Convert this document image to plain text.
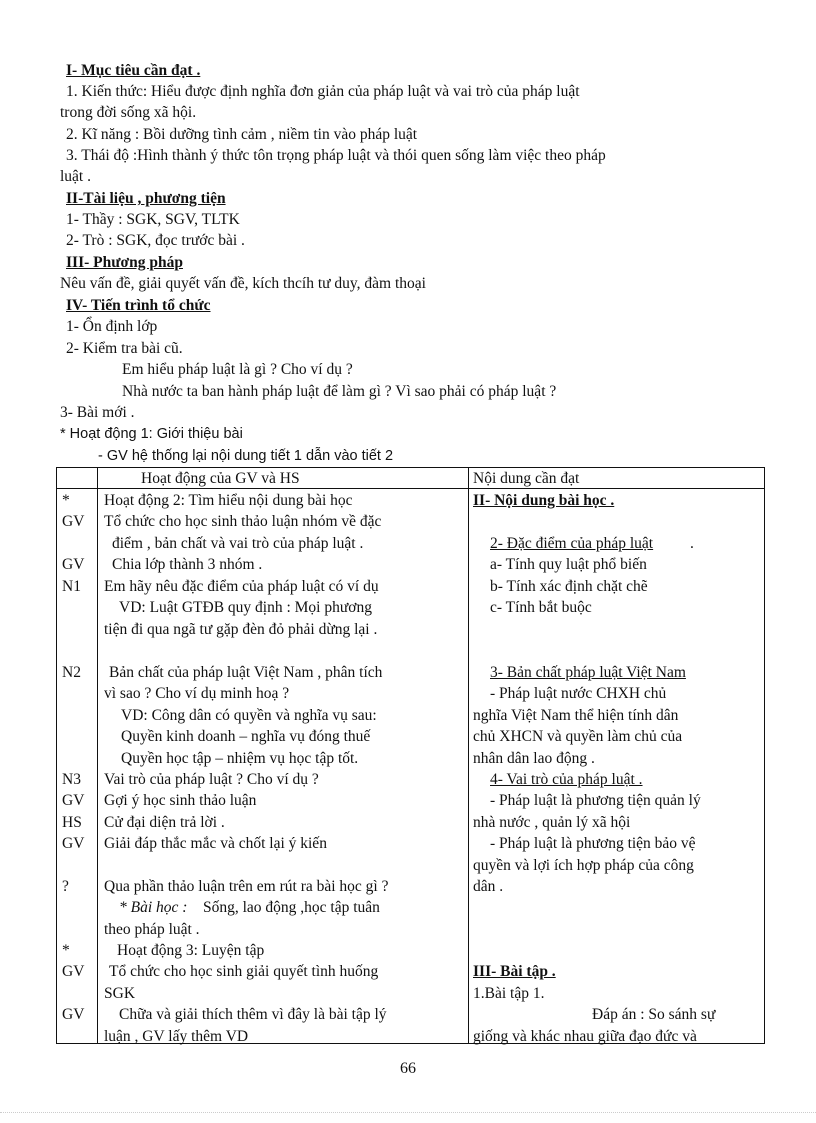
I- Mục tiêu cần đạt .
1. Kiến thức: Hiểu được định nghĩa đơn giản của pháp luật và vai trò của pháp luật
trong đời sống xã hội.
2. Kĩ năng : Bồi dưỡng tình cảm , niềm tin vào pháp luật
3. Thái độ :Hình thành ý thức tôn trọng pháp luật và thói quen sống làm việc theo pháp
luật .
II-Tài liệu , phương tiện
1- Thầy : SGK, SGV, TLTK
2- Trò : SGK, đọc trước bài .
III- Phương pháp
Nêu vấn đề, giải quyết vấn đề, kích thcíh tư duy, đàm thoại
IV- Tiến trình tổ chức
1- Ổn định lớp
2- Kiểm tra bài cũ.
Em hiểu pháp luật là gì ? Cho ví dụ ?
Nhà nước ta ban hành pháp luật để làm gì ? Vì sao phải có pháp luật ?
3- Bài mới .
* Hoạt động 1: Giới thiệu bài
- GV hệ thống lại nội dung tiết 1 dẫn vào tiết 2
Hoạt động của GV và HS	Nội dung cần đạt
*
GV
GV
N1
N2
N3
GV
HS
GV
?
*
GV
GV
Hoạt động 2: Tìm hiểu nội dung bài học
Tổ chức cho học sinh thảo luận nhóm về đặc
điểm , bản chất và vai trò của pháp luật .
Chia lớp thành 3 nhóm .
Em hãy nêu đặc điểm của pháp luật có ví dụ
VD: Luật GTĐB quy định : Mọi phương
tiện đi qua ngã tư gặp đèn đỏ phải dừng lại .
Bản chất của pháp luật Việt Nam , phân tích
vì sao ? Cho ví dụ minh hoạ ?
VD: Công dân có quyền và nghĩa vụ sau:
Quyền kinh doanh – nghĩa vụ đóng thuế
Quyền học tập – nhiệm vụ học tập tốt.
Vai trò của pháp luật ? Cho ví dụ ?
Gợi ý học sinh thảo luận
Cử đại diện trả lời .
Giải đáp thắc mắc và chốt lại ý kiến
Qua phần thảo luận trên em rút ra bài học gì ?
* Bài học : Sống, lao động ,học tập tuân
theo pháp luật .
Hoạt động 3: Luyện tập
Tổ chức cho học sinh giải quyết tình huống
SGK
Chữa và giải thích thêm vì đây là bài tập lý
luận , GV lấy thêm VD
II- Nội dung bài học .
2- Đặc điểm của pháp luật .
a- Tính quy luật phổ biến
b- Tính xác định chặt chẽ
c- Tính bắt buộc
3- Bản chất pháp luật Việt Nam
- Pháp luật nước CHXH chủ
nghĩa Việt Nam thể hiện tính dân
chủ XHCN và quyền làm chủ của
nhân dân lao động .
4- Vai trò của pháp luật .
- Pháp luật là phương tiện quản lý
nhà nước , quản lý xã hội
- Pháp luật là phương tiện bảo vệ
quyền và lợi ích hợp pháp của công
dân .
III- Bài tập .
1.Bài tập 1.
Đáp án : So sánh sự
giống và khác nhau giữa đạo đức và
66
